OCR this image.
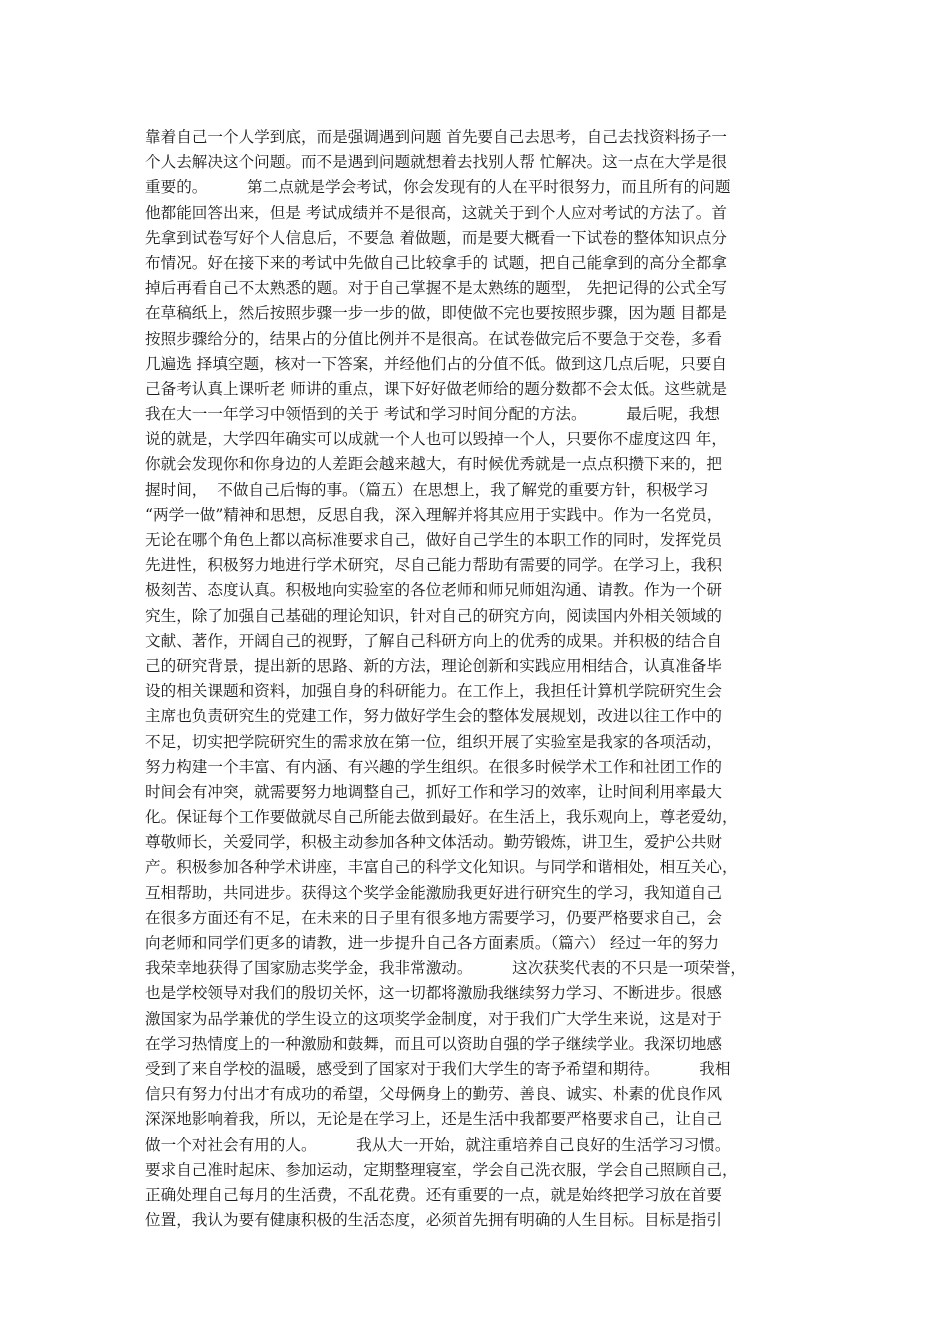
靠着自己一个人学到底，而是强调遇到问题 首先要自己去思考，自己去找资料扬子一
个人去解决这个问题。而不是遇到问题就想着去找别人帮 忙解决。这一点在大学是很
重要的。        第二点就是学会考试，你会发现有的人在平时很努力，而且所有的问题
他都能回答出来，但是 考试成绩并不是很高，这就关于到个人应对考试的方法了。首
先拿到试卷写好个人信息后，不要急 着做题，而是要大概看一下试卷的整体知识点分
布情况。好在接下来的考试中先做自己比较拿手的 试题，把自己能拿到的高分全都拿
掉后再看自己不太熟悉的题。对于自己掌握不是太熟练的题型， 先把记得的公式全写
在草稿纸上，然后按照步骤一步一步的做，即使做不完也要按照步骤，因为题 目都是
按照步骤给分的，结果占的分值比例并不是很高。在试卷做完后不要急于交卷，多看
几遍选 择填空题，核对一下答案，并经他们占的分值不低。做到这几点后呢，只要自
己备考认真上课听老 师讲的重点，课下好好做老师给的题分数都不会太低。这些就是
我在大一一年学习中领悟到的关于 考试和学习时间分配的方法。        最后呢，我想
说的就是，大学四年确实可以成就一个人也可以毁掉一个人，只要你不虚度这四 年，
你就会发现你和你身边的人差距会越来越大，有时候优秀就是一点点积攒下来的，把
握时间，  不做自己后悔的事。（篇五）在思想上，我了解党的重要方针，积极学习
“两学一做”精神和思想，反思自我，深入理解并将其应用于实践中。作为一名党员，
无论在哪个角色上都以高标准要求自己，做好自己学生的本职工作的同时，发挥党员
先进性，积极努力地进行学术研究，尽自己能力帮助有需要的同学。在学习上，我积
极刻苦、态度认真。积极地向实验室的各位老师和师兄师姐沟通、请教。作为一个研
究生，除了加强自己基础的理论知识，针对自己的研究方向，阅读国内外相关领域的
文献、著作，开阔自己的视野，了解自己科研方向上的优秀的成果。并积极的结合自
己的研究背景，提出新的思路、新的方法，理论创新和实践应用相结合，认真准备毕
设的相关课题和资料，加强自身的科研能力。在工作上，我担任计算机学院研究生会
主席也负责研究生的党建工作，努力做好学生会的整体发展规划，改进以往工作中的
不足，切实把学院研究生的需求放在第一位，组织开展了实验室是我家的各项活动，
努力构建一个丰富、有内涵、有兴趣的学生组织。在很多时候学术工作和社团工作的
时间会有冲突，就需要努力地调整自己，抓好工作和学习的效率，让时间利用率最大
化。保证每个工作要做就尽自己所能去做到最好。在生活上，我乐观向上，尊老爱幼，
尊敬师长，关爱同学，积极主动参加各种文体活动。勤劳锻炼，讲卫生，爱护公共财
产。积极参加各种学术讲座，丰富自己的科学文化知识。与同学和谐相处，相互关心，
互相帮助，共同进步。获得这个奖学金能激励我更好进行研究生的学习，我知道自己
在很多方面还有不足，在未来的日子里有很多地方需要学习，仍要严格要求自己，会
向老师和同学们更多的请教，进一步提升自己各方面素质。（篇六） 经过一年的努力
我荣幸地获得了国家励志奖学金，我非常激动。        这次获奖代表的不只是一项荣誉，
也是学校领导对我们的殷切关怀，这一切都将激励我继续努力学习、不断进步。很感
激国家为品学兼优的学生设立的这项奖学金制度，对于我们广大学生来说，这是对于
在学习热情度上的一种激励和鼓舞，而且可以资助自强的学子继续学业。我深切地感
受到了来自学校的温暖，感受到了国家对于我们大学生的寄予希望和期待。        我相
信只有努力付出才有成功的希望，父母俩身上的勤劳、善良、诚实、朴素的优良作风
深深地影响着我，所以，无论是在学习上，还是生活中我都要严格要求自己，让自己
做一个对社会有用的人。        我从大一开始，就注重培养自己良好的生活学习习惯。
要求自己准时起床、参加运动，定期整理寝室，学会自己洗衣服，学会自己照顾自己，
正确处理自己每月的生活费，不乱花费。还有重要的一点，就是始终把学习放在首要
位置，我认为要有健康积极的生活态度，必须首先拥有明确的人生目标。目标是指引
